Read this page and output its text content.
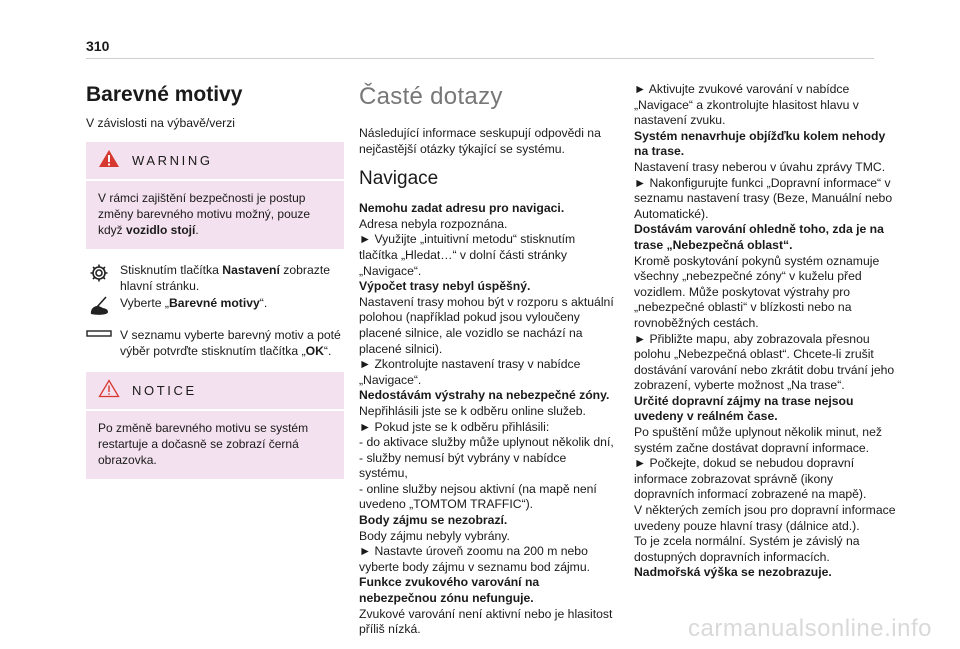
310
Barevné motivy

V závislosti na výbavě/verzi

WARNING
V rámci zajištění bezpečnosti je postup změny barevného motivu možný, pouze když vozidlo stojí.
Stisknutím tlačítka Nastavení zobrazte hlavní stránku.
Vyberte „Barevné motivy“.
V seznamu vyberte barevný motiv a poté výběr potvrďte stisknutím tlačítka „OK“.
NOTICE
Po změně barevného motivu se systém restartuje a dočasně se zobrazí černá obrazovka.
Časté dotazy

Následující informace seskupují odpovědi na nejčastější otázky týkající se systému.

Navigace

Nemohu zadat adresu pro navigaci.

Adresa nebyla rozpoznána.

► Využijte „intuitivní metodu“ stisknutím tlačítka „Hledat…“ v dolní části stránky „Navigace“.

Výpočet trasy nebyl úspěšný.

Nastavení trasy mohou být v rozporu s aktuální polohou (například pokud jsou vyloučeny placené silnice, ale vozidlo se nachází na placené silnici).

► Zkontrolujte nastavení trasy v nabídce „Navigace“.

Nedostávám výstrahy na nebezpečné zóny.

Nepřihlásili jste se k odběru online služeb.

► Pokud jste se k odběru přihlásili:

- do aktivace služby může uplynout několik dní,

- služby nemusí být vybrány v nabídce systému,

- online služby nejsou aktivní (na mapě není uvedeno „TOMTOM TRAFFIC“).

Body zájmu se nezobrazí.

Body zájmu nebyly vybrány.

► Nastavte úroveň zoomu na 200 m nebo vyberte body zájmu v seznamu bod zájmu.

Funkce zvukového varování na nebezpečnou zónu nefunguje.

Zvukové varování není aktivní nebo je hlasitost příliš nízká.

► Aktivujte zvukové varování v nabídce „Navigace“ a zkontrolujte hlasitost hlavu v nastavení zvuku.

Systém nenavrhuje objížďku kolem nehody na trase.

Nastavení trasy neberou v úvahu zprávy TMC.

► Nakonfigurujte funkci „Dopravní informace“ v seznamu nastavení trasy (Beze, Manuální nebo Automatické).

Dostávám varování ohledně toho, zda je na trase „Nebezpečná oblast“.

Kromě poskytování pokynů systém oznamuje všechny „nebezpečné zóny“ v kuželu před vozidlem. Může poskytovat výstrahy pro „nebezpečné oblasti“ v blízkosti nebo na rovnoběžných cestách.

► Přibližte mapu, aby zobrazovala přesnou polohu „Nebezpečná oblast“. Chcete-li zrušit dostávání varování nebo zkrátit dobu trvání jeho zobrazení, vyberte možnost „Na trase“.

Určité dopravní zájmy na trase nejsou uvedeny v reálném čase.

Po spuštění může uplynout několik minut, než systém začne dostávat dopravní informace.

► Počkejte, dokud se nebudou dopravní informace zobrazovat správně (ikony dopravních informací zobrazené na mapě).

V některých zemích jsou pro dopravní informace uvedeny pouze hlavní trasy (dálnice atd.).

To je zcela normální. Systém je závislý na dostupných dopravních informacích.

Nadmořská výška se nezobrazuje.

carmanualsonline.info
